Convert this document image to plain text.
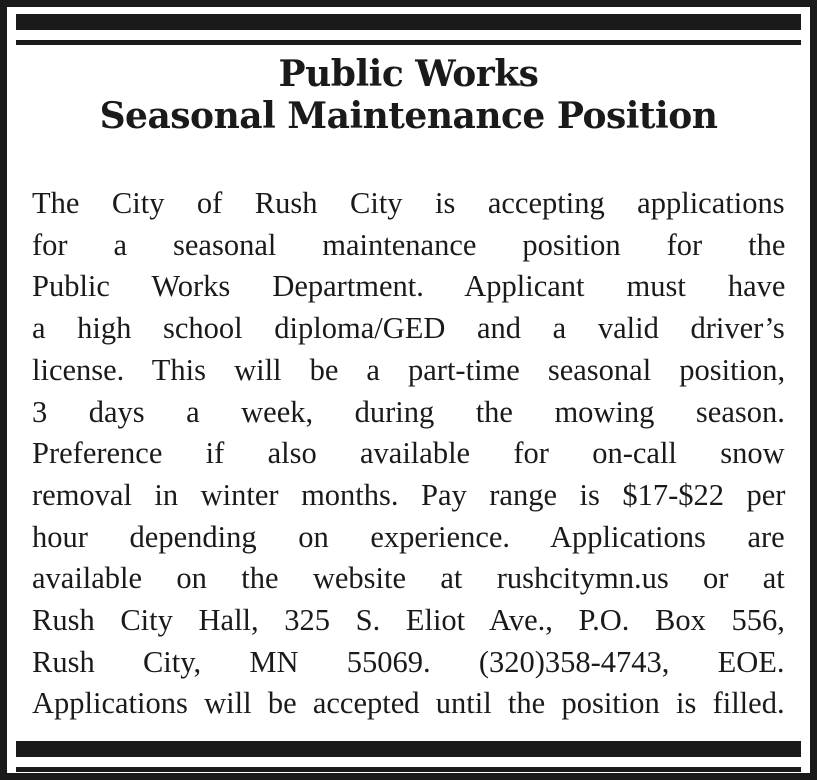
Public Works
Seasonal Maintenance Position
The City of Rush City is accepting applications
for a seasonal maintenance position for the
Public Works Department. Applicant must have
a high school diploma/GED and a valid driver’s
license. This will be a part-time seasonal position,
3 days a week, during the mowing season.
Preference if also available for on-call snow
removal in winter months. Pay range is $17-$22 per
hour depending on experience. Applications are
available on the website at rushcitymn.us or at
Rush City Hall, 325 S. Eliot Ave., P.O. Box 556,
Rush City, MN 55069. (320)358-4743, EOE.
Applications will be accepted until the position is filled.
